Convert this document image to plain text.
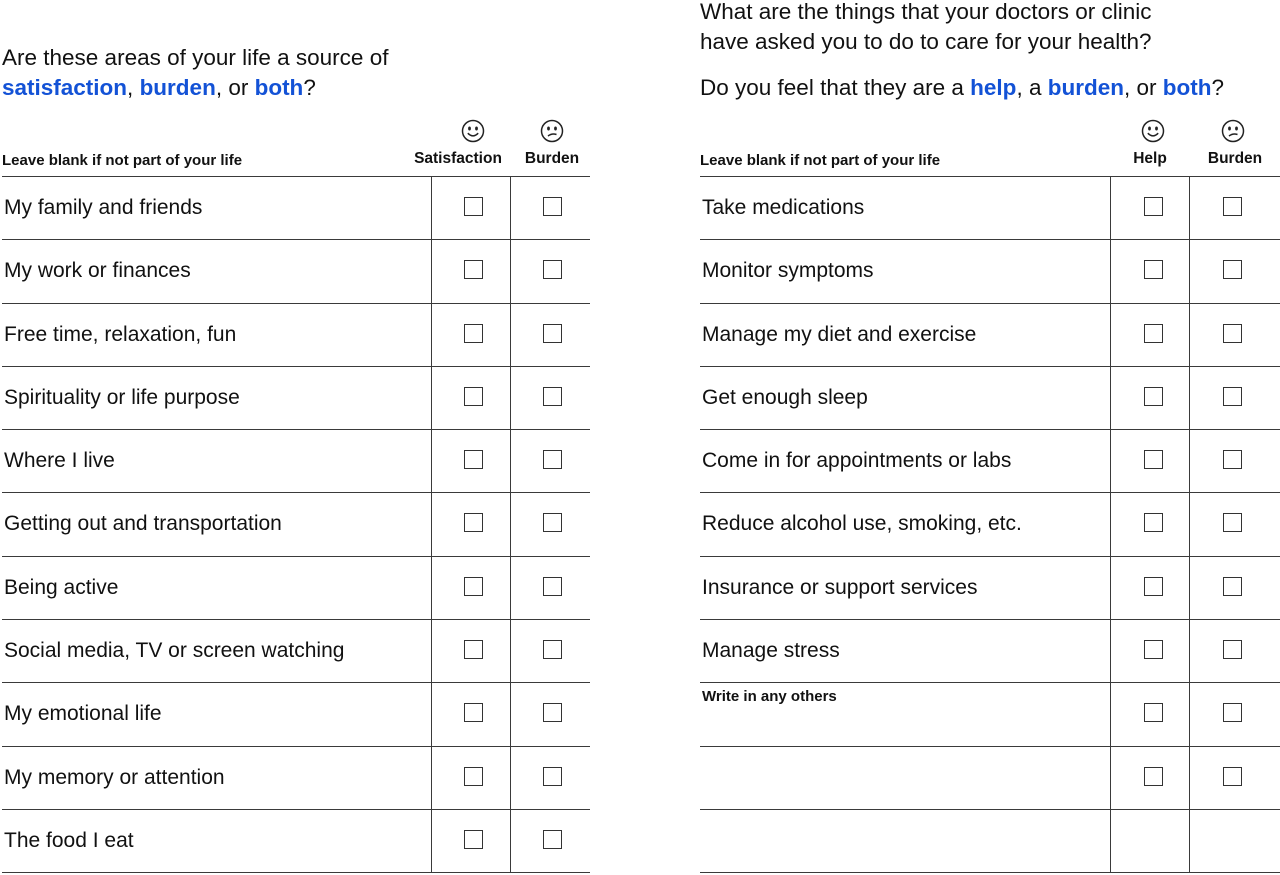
Are these areas of your life a source of
satisfaction, burden, or both?
Leave blank if not part of your life	Satisfaction	Burden
My family and friends
My work or finances
Free time, relaxation, fun
Spirituality or life purpose
Where I live
Getting out and transportation
Being active
Social media, TV or screen watching
My emotional life
My memory or attention
The food I eat
What are the things that your doctors or clinic
have asked you to do to care for your health?
Do you feel that they are a help, a burden, or both?
Leave blank if not part of your life	Help	Burden
Take medications
Monitor symptoms
Manage my diet and exercise
Get enough sleep
Come in for appointments or labs
Reduce alcohol use, smoking, etc.
Insurance or support services
Manage stress
Write in any others
